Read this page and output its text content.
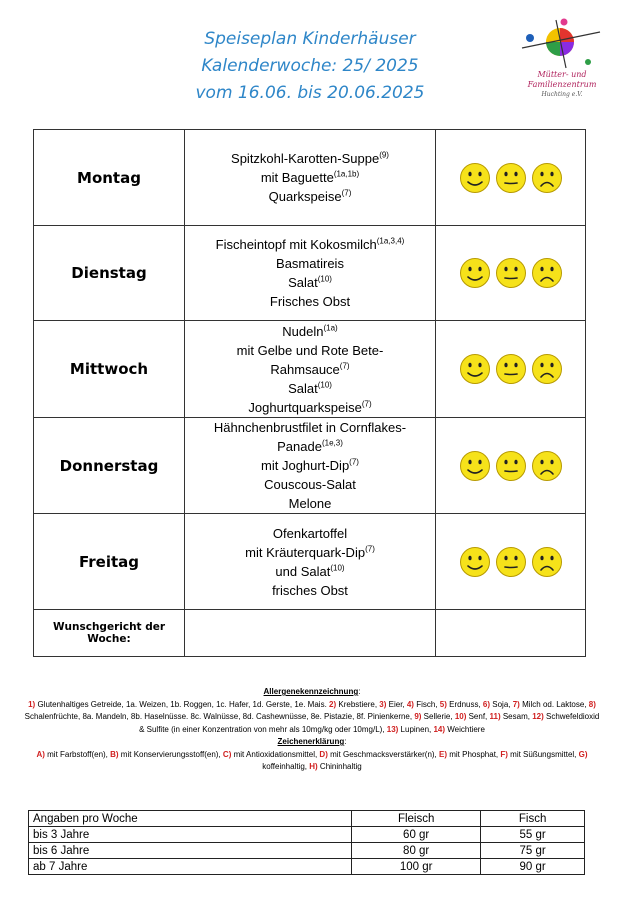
Speiseplan Kinderhäuser
Kalenderwoche: 25/ 2025
vom 16.06. bis 20.06.2025
Mütter- und
Familienzentrum
Huchting e.V.
Montag	Spitzkohl-Karotten-Suppe$^{(9)}$
mit Baguette$^{(1a,1b)}$
Quarkspeise$^{(7)}$

Dienstag	Fischeintopf mit Kokosmilch$^{(1a,3,4)}$
Basmatireis
Salat$^{(10)}$
Frisches Obst

Mittwoch	Nudeln$^{(1a)}$
mit Gelbe und Rote Bete-
Rahmsauce$^{(7)}$
Salat$^{(10)}$
Joghurtquarkspeise$^{(7)}$

Donnerstag	Hähnchenbrustfilet in Cornflakes-
Panade$^{(1e,3)}$
mit Joghurt-Dip$^{(7)}$
Couscous-Salat
Melone

Freitag	Ofenkartoffel
mit Kräuterquark-Dip$^{(7)}$
und Salat$^{(10)}$
frisches Obst

Wunschgericht der Woche:		
Allergenekennzeichnung:
1) Glutenhaltiges Getreide, 1a. Weizen, 1b. Roggen, 1c. Hafer, 1d. Gerste, 1e. Mais. 2) Krebstiere, 3) Eier, 4) Fisch, 5) Erdnuss, 6) Soja, 7) Milch od. Laktose, 8) Schalenfrüchte, 8a. Mandeln, 8b. Haselnüsse. 8c. Walnüsse, 8d. Cashewnüsse, 8e. Pistazie, 8f. Pinienkerne, 9) Sellerie, 10) Senf, 11) Sesam, 12) Schwefeldioxid & Sulfite (in einer Konzentration von mehr als 10mg/kg oder 10mg/L), 13) Lupinen, 14) Weichtiere
Zeichenerklärung:
A) mit Farbstoff(en), B) mit Konservierungsstoff(en), C) mit Antioxidationsmittel, D) mit Geschmacksverstärker(n), E) mit Phosphat, F) mit Süßungsmittel, G) koffeinhaltig, H) Chininhaltig
Angaben pro Woche	Fleisch	Fisch
bis 3 Jahre	60 gr	55 gr
bis 6 Jahre	80 gr	75 gr
ab 7 Jahre	100 gr	90 gr
